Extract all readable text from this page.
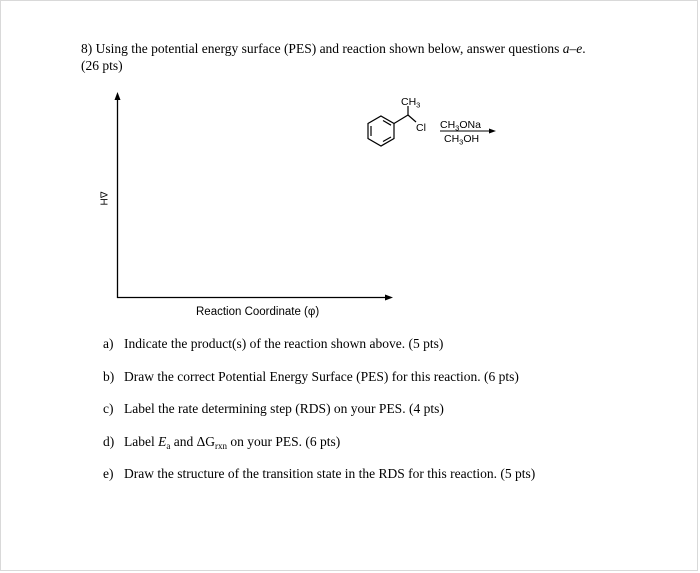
8) Using the potential energy surface (PES) and reaction shown below, answer questions a–e.
(26 pts)
$CH_3$
Cl $CH_3ONa$
$CH_3OH$
ΔH
Reaction Coordinate (φ)
a) Indicate the product(s) of the reaction shown above. (5 pts)
b) Draw the correct Potential Energy Surface (PES) for this reaction. (6 pts)
c) Label the rate determining step (RDS) on your PES. (4 pts)
d) Label $E_a$ and $\Delta G_{rxn}$ on your PES. (6 pts)
e) Draw the structure of the transition state in the RDS for this reaction. (5 pts)
